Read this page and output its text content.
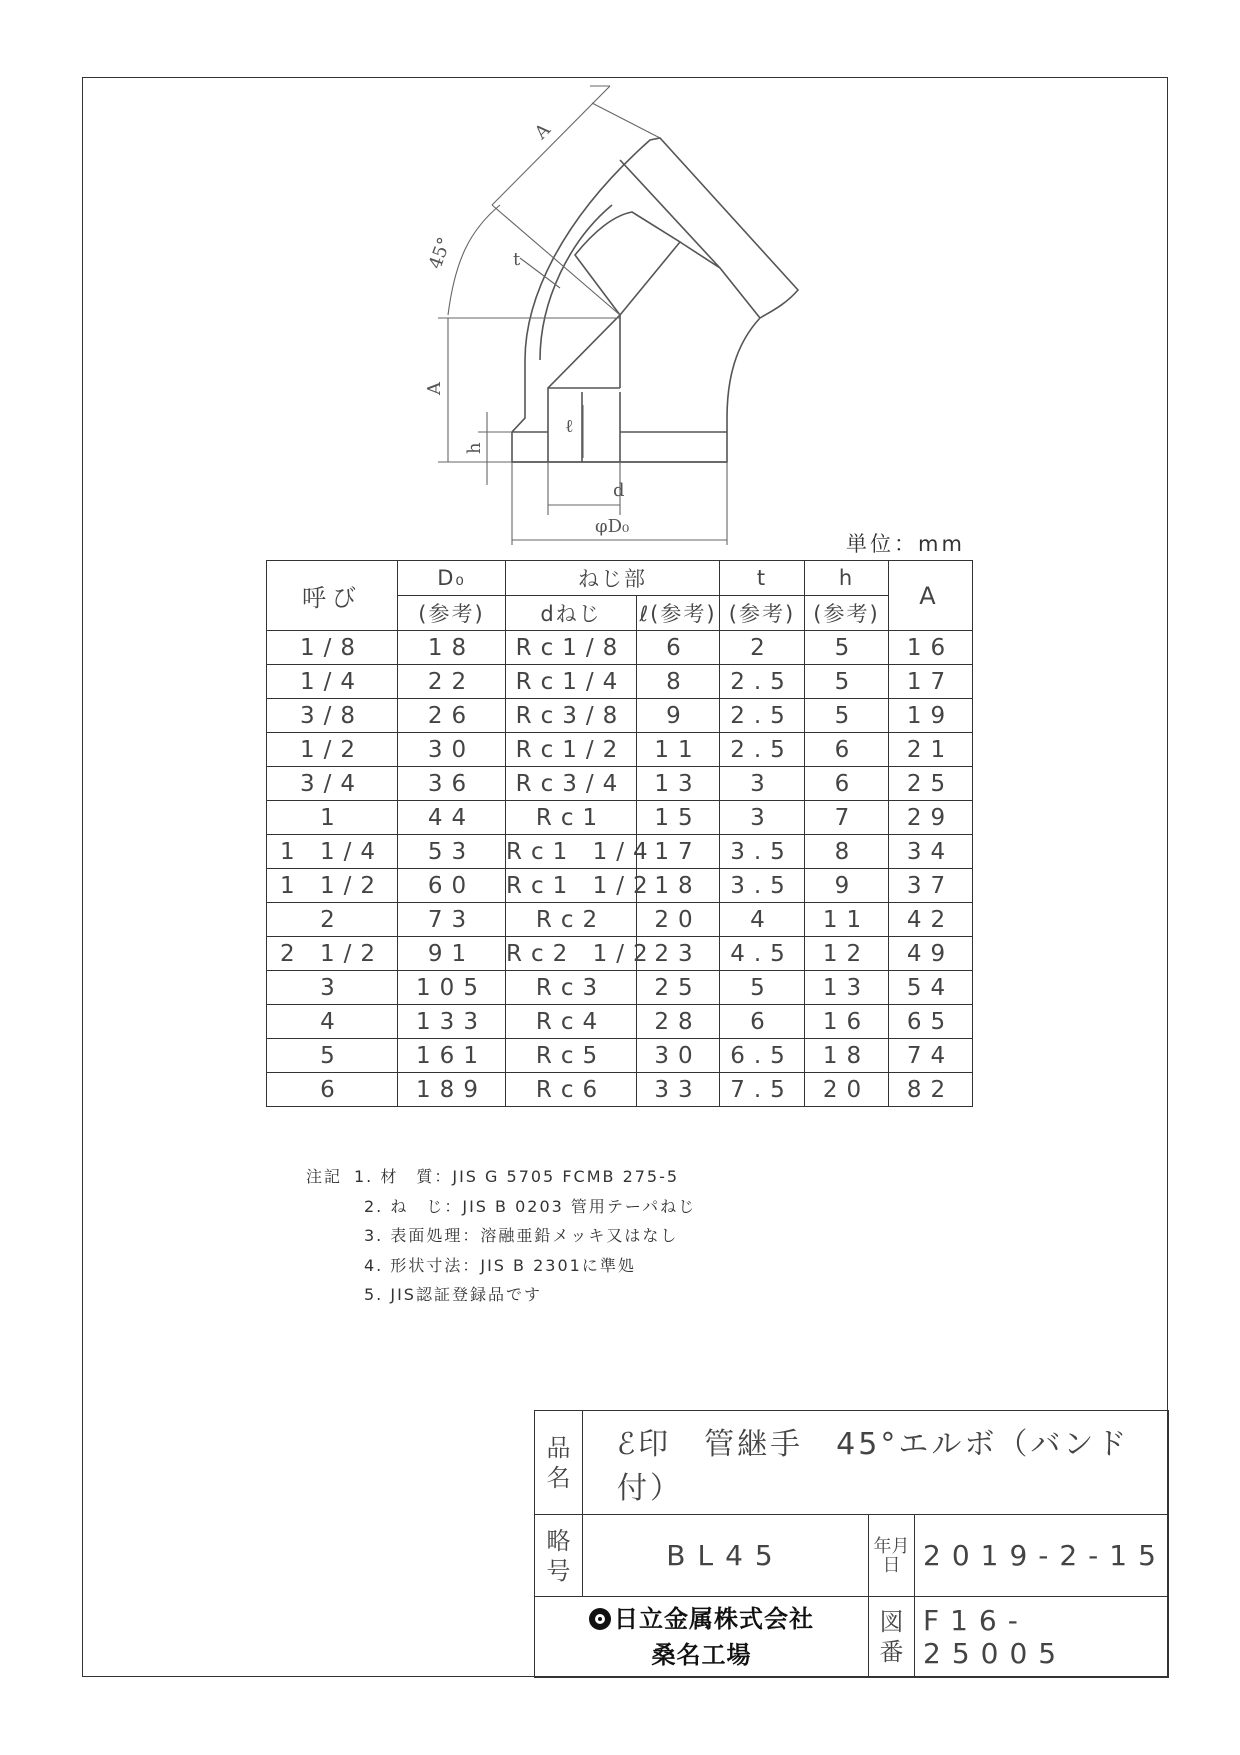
A
45°	t
A
h
ℓ
d
φD₀
単位：mm
呼び	D₀	ねじ部		t	h	A
	(参考)	dねじ	ℓ(参考)	(参考)	(参考)	
1/8	18	Rc1/8	6	2	5	16
1/4	22	Rc1/4	8	2.5	5	17
3/8	26	Rc3/8	9	2.5	5	19
1/2	30	Rc1/2	11	2.5	6	21
3/4	36	Rc3/4	13	3	6	25
1	44	Rc1	15	3	7	29
1 1/4	53	Rc1 1/4	17	3.5	8	34
1 1/2	60	Rc1 1/2	18	3.5	9	37
2	73	Rc2	20	4	11	42
2 1/2	91	Rc2 1/2	23	4.5	12	49
3	105	Rc3	25	5	13	54
4	133	Rc4	28	6	16	65
5	161	Rc5	30	6.5	18	74
6	189	Rc6	33	7.5	20	82
注記 1. 材　質：JIS G 5705 FCMB 275-5
2. ね　じ：JIS B 0203 管用テーパねじ
3. 表面処理：溶融亜鉛メッキ又はなし
4. 形状寸法：JIS B 2301に準処
5. JIS認証登録品です
品名	ℰ印　管継手　45°エルボ（バンド付）		
略号	BL45	年月日	2019-2-15

日立金属株式会社
桑名工場		図番	F16-25005
